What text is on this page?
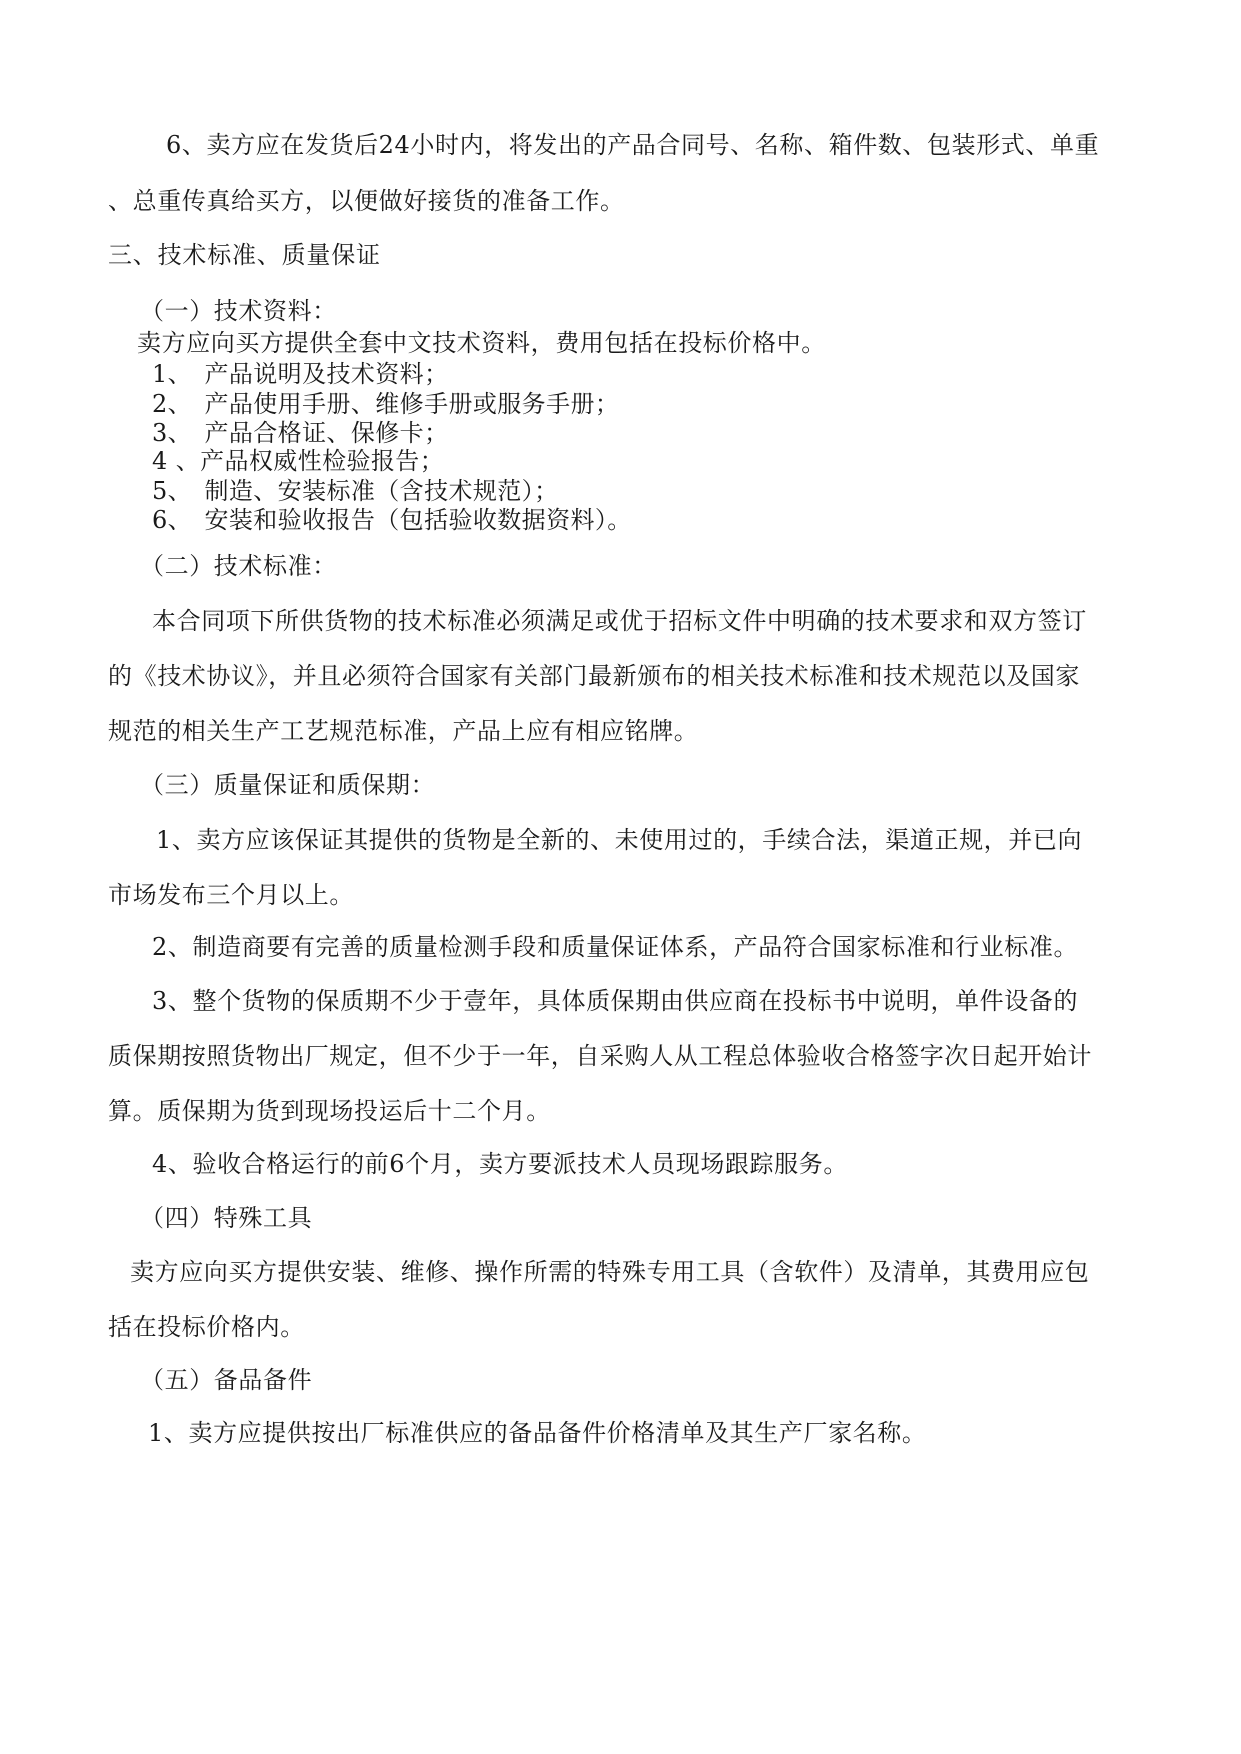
6、卖方应在发货后24小时内，将发出的产品合同号、名称、箱件数、包装形式、单重
、总重传真给买方，以便做好接货的准备工作。
三、技术标准、质量保证
（一）技术资料：
卖方应向买方提供全套中文技术资料，费用包括在投标价格中。
1、　产品说明及技术资料；
2、　产品使用手册、维修手册或服务手册；
3、　产品合格证、保修卡；
4 、产品权威性检验报告；
5、　制造、安装标准（含技术规范）；
6、　安装和验收报告（包括验收数据资料）。
（二）技术标准：
本合同项下所供货物的技术标准必须满足或优于招标文件中明确的技术要求和双方签订
的《技术协议》，并且必须符合国家有关部门最新颁布的相关技术标准和技术规范以及国家
规范的相关生产工艺规范标准，产品上应有相应铭牌。
（三）质量保证和质保期：
1、卖方应该保证其提供的货物是全新的、未使用过的，手续合法，渠道正规，并已向
市场发布三个月以上。
2、制造商要有完善的质量检测手段和质量保证体系，产品符合国家标准和行业标准。
3、整个货物的保质期不少于壹年，具体质保期由供应商在投标书中说明，单件设备的
质保期按照货物出厂规定，但不少于一年，自采购人从工程总体验收合格签字次日起开始计
算。质保期为货到现场投运后十二个月。
4、验收合格运行的前6个月，卖方要派技术人员现场跟踪服务。
（四）特殊工具
卖方应向买方提供安装、维修、操作所需的特殊专用工具（含软件）及清单，其费用应包
括在投标价格内。
（五）备品备件
1、卖方应提供按出厂标准供应的备品备件价格清单及其生产厂家名称。
